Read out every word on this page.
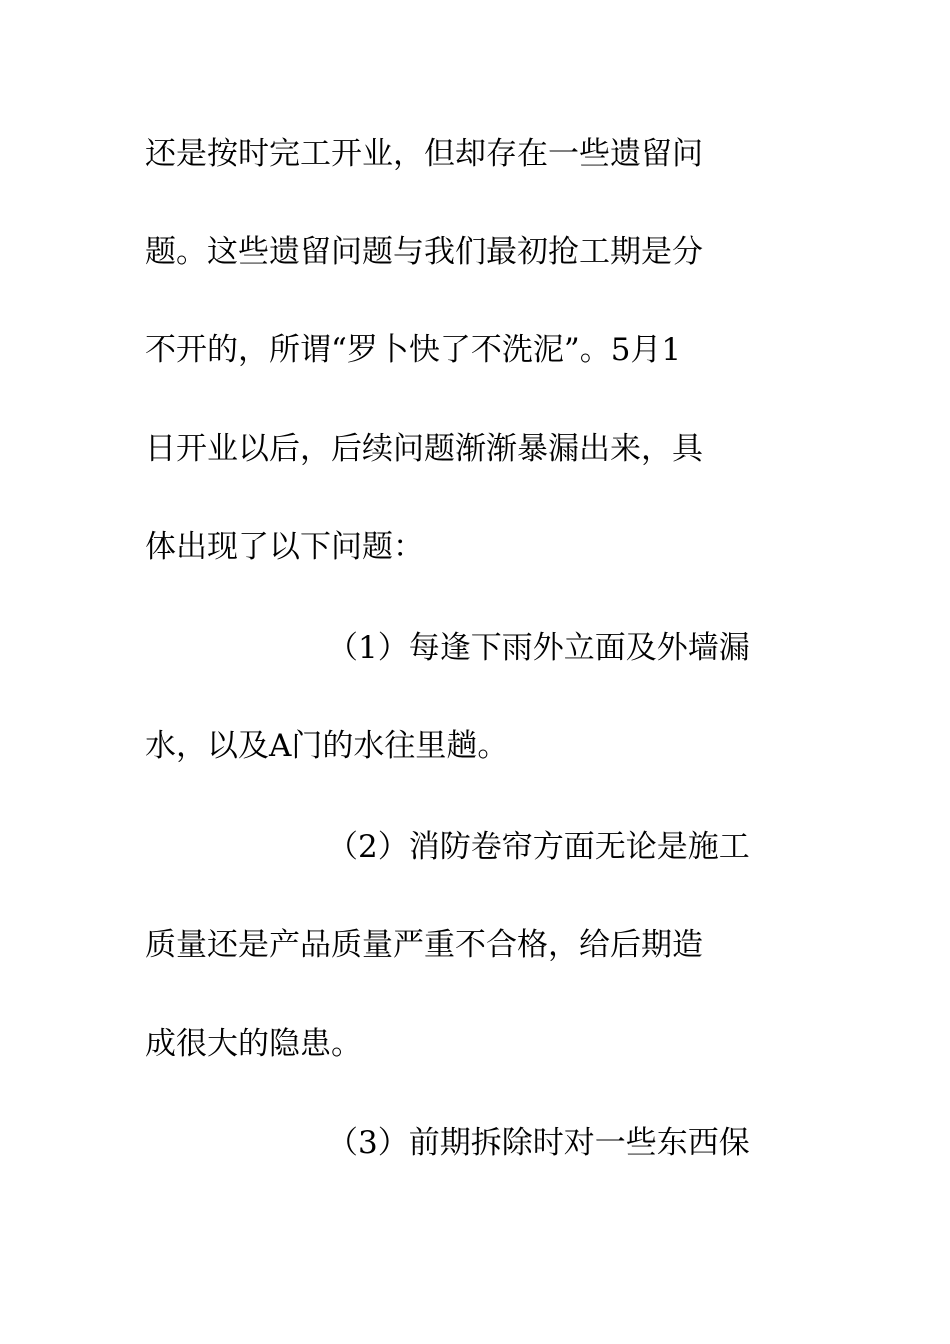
还是按时完工开业，但却存在一些遗留问
题。这些遗留问题与我们最初抢工期是分
不开的，所谓“罗卜快了不洗泥”。5月1
日开业以后，后续问题渐渐暴漏出来，具
体出现了以下问题：
（1）每逢下雨外立面及外墙漏
水，以及A门的水往里趟。
（2）消防卷帘方面无论是施工
质量还是产品质量严重不合格，给后期造
成很大的隐患。
（3）前期拆除时对一些东西保
